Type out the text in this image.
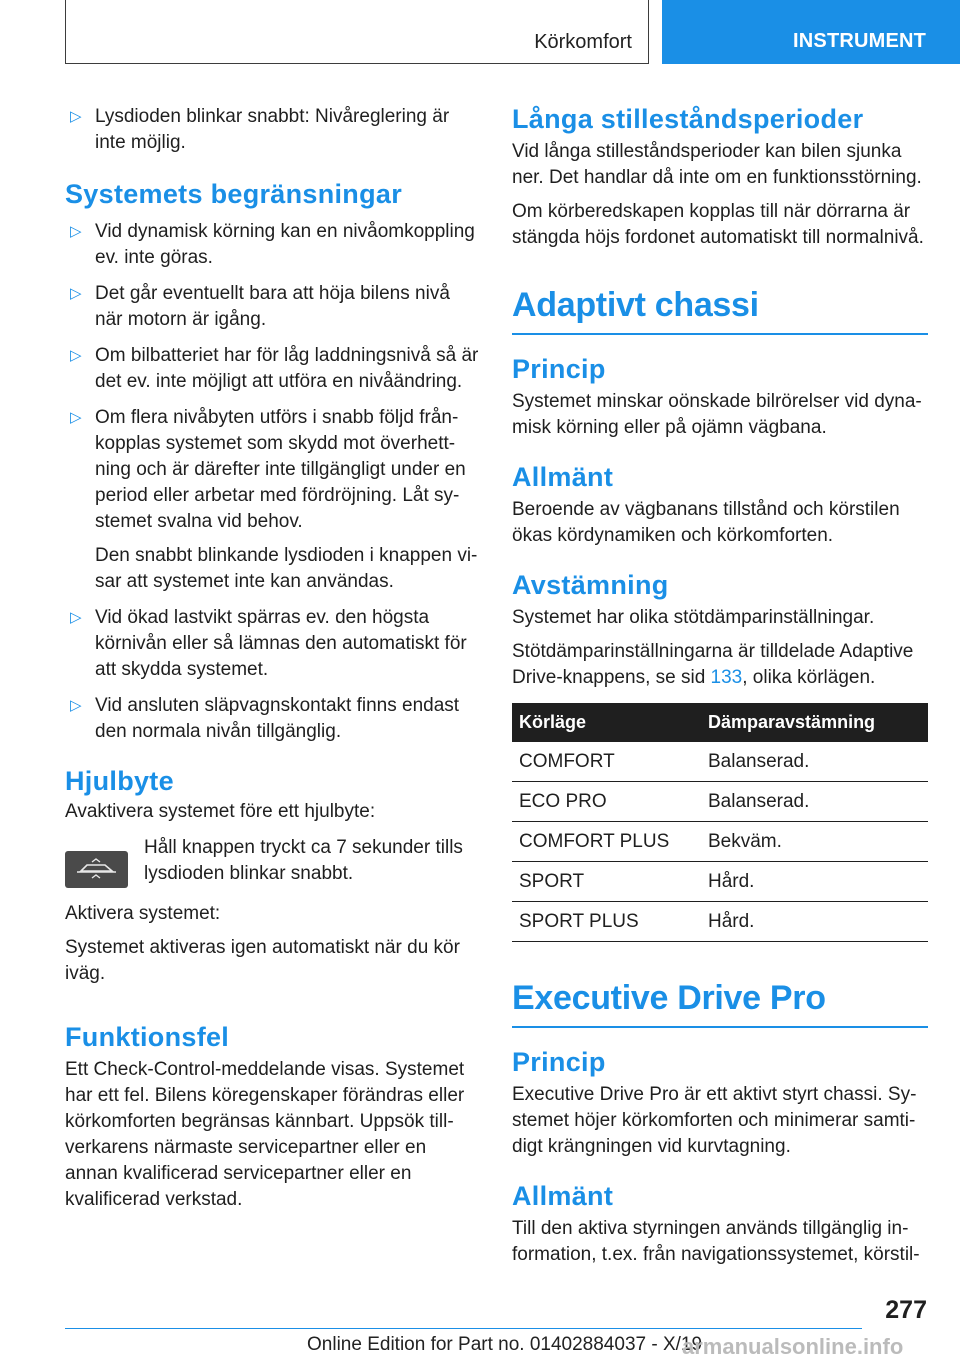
Körkomfort	INSTRUMENT
▷ Lysdioden blinkar snabbt: Nivåreglering är inte möjlig.
Systemets begränsningar
▷ Vid dynamisk körning kan en nivåomkoppling ev. inte göras.
▷ Det går eventuellt bara att höja bilens nivå när motorn är igång.
▷ Om bilbatteriet har för låg laddningsnivå så är det ev. inte möjligt att utföra en nivåändring.
▷ Om flera nivåbyten utförs i snabb följd frånkopplas systemet som skydd mot överhettning och är därefter inte tillgängligt under en period eller arbetar med fördröjning. Låt systemet svalna vid behov.
Den snabbt blinkande lysdioden i knappen visar att systemet inte kan användas.
▷ Vid ökad lastvikt spärras ev. den högsta körnivån eller så lämnas den automatiskt för att skydda systemet.
▷ Vid ansluten släpvagnskontakt finns endast den normala nivån tillgänglig.
Hjulbyte

Avaktivera systemet före ett hjulbyte:

Håll knappen tryckt ca 7 sekunder tills lysdioden blinkar snabbt.

Aktivera systemet:

Systemet aktiveras igen automatiskt när du kör iväg.

Funktionsfel

Ett Check-Control-meddelande visas. Systemet har ett fel. Bilens köregenskaper förändras eller körkomforten begränsas kännbart. Uppsök tillverkarens närmaste servicepartner eller en annan kvalificerad servicepartner eller en kvalificerad verkstad.

Långa stilleståndsperioder

Vid långa stilleståndsperioder kan bilen sjunka ner. Det handlar då inte om en funktionsstörning.

Om körberedskapen kopplas till när dörrarna är stängda höjs fordonet automatiskt till normalnivå.

Adaptivt chassi
Princip

Systemet minskar oönskade bilrörelser vid dynamisk körning eller på ojämn vägbana.

Allmänt

Beroende av vägbanans tillstånd och körstilen ökas kördynamiken och körkomforten.

Avstämning

Systemet har olika stötdämparinställningar.

Stötdämparinställningarna är tilldelade Adaptive Drive-knappens, se sid 133, olika körlägen.

Körläge	Dämparavstämning
COMFORT	Balanserad.
ECO PRO	Balanserad.
COMFORT PLUS	Bekväm.
SPORT	Hård.
SPORT PLUS	Hård.
Executive Drive Pro
Princip

Executive Drive Pro är ett aktivt styrt chassi. Systemet höjer körkomforten och minimerar samtidigt krängningen vid kurvtagning.

Allmänt

Till den aktiva styrningen används tillgänglig information, t.ex. från navigationssystemet, körstil-

277
Online Edition for Part no. 01402884037 - X/19
armanualsonline.info
